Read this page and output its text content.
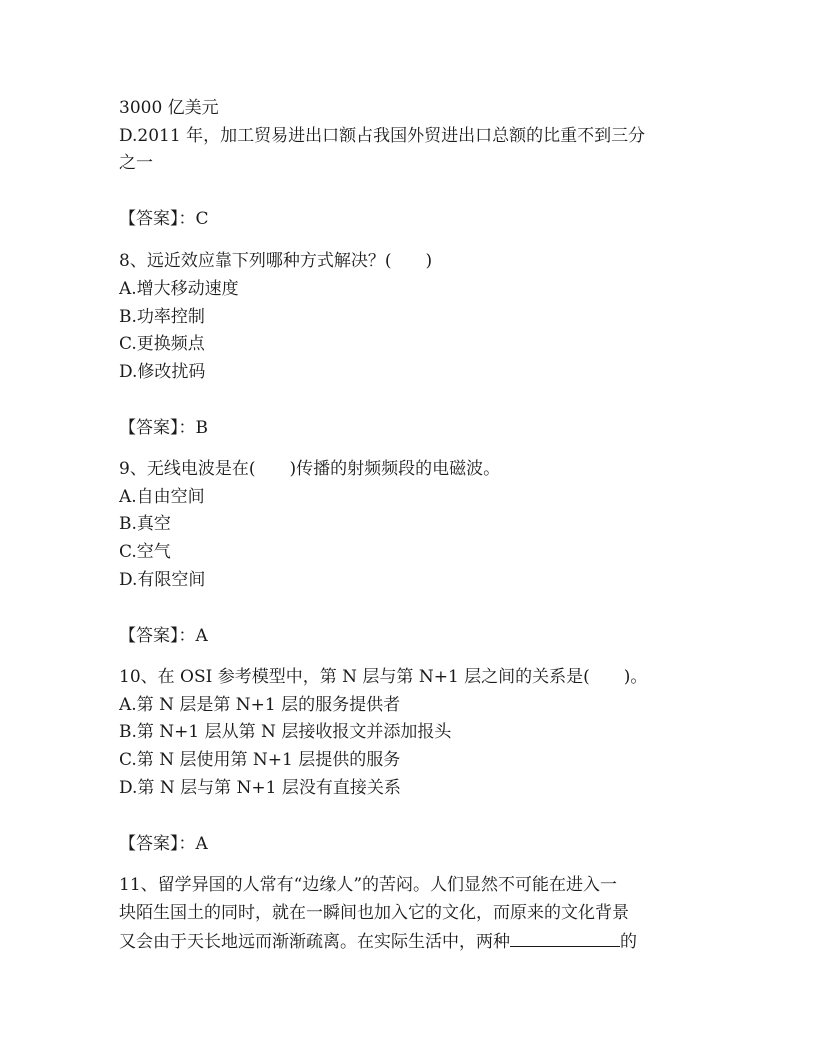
3000 亿美元
D.2011 年，加工贸易进出口额占我国外贸进出口总额的比重不到三分
之一
【答案】：C
8、远近效应靠下列哪种方式解决？(　　)
A.增大移动速度
B.功率控制
C.更换频点
D.修改扰码
【答案】：B
9、无线电波是在(　　)传播的射频频段的电磁波。
A.自由空间
B.真空
C.空气
D.有限空间
【答案】：A
10、在 OSI 参考模型中，第 N 层与第 N+1 层之间的关系是(　　)。
A.第 N 层是第 N+1 层的服务提供者
B.第 N+1 层从第 N 层接收报文并添加报头
C.第 N 层使用第 N+1 层提供的服务
D.第 N 层与第 N+1 层没有直接关系
【答案】：A
11、留学异国的人常有“边缘人”的苦闷。人们显然不可能在进入一
块陌生国土的同时，就在一瞬间也加入它的文化，而原来的文化背景
又会由于天长地远而渐渐疏离。在实际生活中，两种	的
